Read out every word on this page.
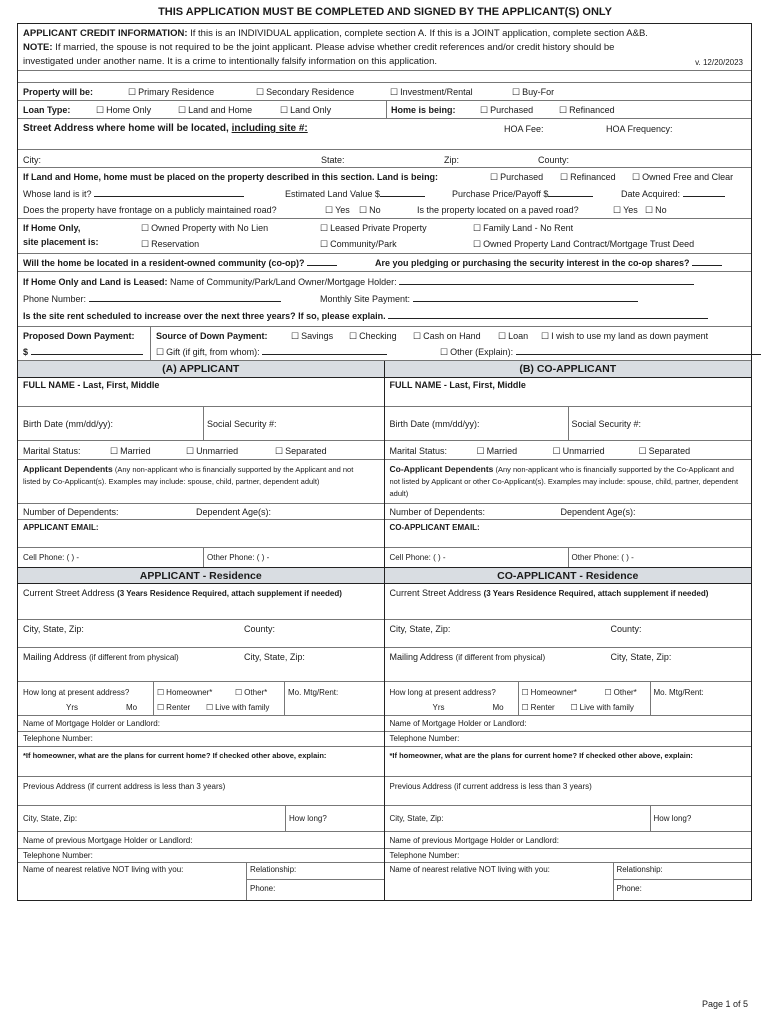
THIS APPLICATION MUST BE COMPLETED AND SIGNED BY THE APPLICANT(S) ONLY
APPLICANT CREDIT INFORMATION: If this is an INDIVIDUAL application, complete section A. If this is a JOINT application, complete section A&B.
NOTE: If married, the spouse is not required to be the joint applicant. Please advise whether credit references and/or credit history should be
investigated under another name. It is a crime to intentionally falsify information on this application.	v. 12/20/2023
Property will be:	☐ Primary Residence	☐ Secondary Residence	☐ Investment/Rental	☐ Buy-For
Loan Type:	☐ Home Only	☐ Land and Home	☐ Land Only	Home is being:	☐ Purchased	☐ Refinanced
Street Address where home will be located, including site #:	HOA Fee:	HOA Frequency:
City:	State:	Zip:	County:
If Land and Home, home must be placed on the property described in this section. Land is being:	☐ Purchased	☐ Refinanced	☐ Owned Free and Clear
Whose land is it?	Estimated Land Value $	Purchase Price/Payoff $	Date Acquired:
Does the property have frontage on a publicly maintained road?	☐ Yes	☐ No	Is the property located on a paved road?	☐ Yes	☐ No
If Home Only,
site placement is:
☐ Owned Property with No Lien	☐ Leased Private Property	☐ Family Land - No Rent
☐ Reservation	☐ Community/Park	☐ Owned Property Land Contract/Mortgage Trust Deed
Will the home be located in a resident-owned community (co-op)?	Are you pledging or purchasing the security interest in the co-op shares?
If Home Only and Land is Leased: Name of Community/Park/Land Owner/Mortgage Holder:
Phone Number:	Monthly Site Payment:
Is the site rent scheduled to increase over the next three years? If so, please explain.
Proposed Down Payment:
$
Source of Down Payment:	☐ Savings	☐ Checking	☐ Cash on Hand	☐ Loan	☐ I wish to use my land as down payment
☐ Gift (if gift, from whom):	☐ Other (Explain):
(A) APPLICANT
FULL NAME - Last, First, Middle
Birth Date (mm/dd/yy):	Social Security #:
Marital Status:	☐ Married	☐ Unmarried	☐ Separated
Applicant Dependents (Any non-applicant who is financially supported by the Applicant and not listed by Co-Applicant(s). Examples may include: spouse, child, partner, dependent adult)
Number of Dependents:	Dependent Age(s):
APPLICANT EMAIL:
Cell Phone: ( ) -	Other Phone: ( ) -
APPLICANT - Residence
Current Street Address (3 Years Residence Required, attach supplement if needed)
City, State, Zip:	County:
Mailing Address (if different from physical)	City, State, Zip:
How long at present address?
Yrs	Mo
☐ Homeowner*	☐ Other*
☐ Renter	☐ Live with family
Mo. Mtg/Rent:
Name of Mortgage Holder or Landlord:
Telephone Number:
*If homeowner, what are the plans for current home? If checked other above, explain:
Previous Address (if current address is less than 3 years)
City, State, Zip:	How long?
Name of previous Mortgage Holder or Landlord:
Telephone Number:
Name of nearest relative NOT living with you:	Relationship:
Phone:
(B) CO-APPLICANT
FULL NAME - Last, First, Middle
Birth Date (mm/dd/yy):	Social Security #:
Marital Status:	☐ Married	☐ Unmarried	☐ Separated
Co-Applicant Dependents (Any non-applicant who is financially supported by the Co-Applicant and not listed by Applicant or other Co-Applicant(s). Examples may include: spouse, child, partner, dependent adult)
Number of Dependents:	Dependent Age(s):
CO-APPLICANT EMAIL:
Cell Phone: ( ) -	Other Phone: ( ) -
CO-APPLICANT - Residence
Current Street Address (3 Years Residence Required, attach supplement if needed)
City, State, Zip:	County:
Mailing Address (if different from physical)	City, State, Zip:
How long at present address?
Yrs	Mo
☐ Homeowner*	☐ Other*
☐ Renter	☐ Live with family
Mo. Mtg/Rent:
Name of Mortgage Holder or Landlord:
Telephone Number:
*If homeowner, what are the plans for current home? If checked other above, explain:
Previous Address (if current address is less than 3 years)
City, State, Zip:	How long?
Name of previous Mortgage Holder or Landlord:
Telephone Number:
Name of nearest relative NOT living with you:	Relationship:
Phone:
Page 1 of 5
